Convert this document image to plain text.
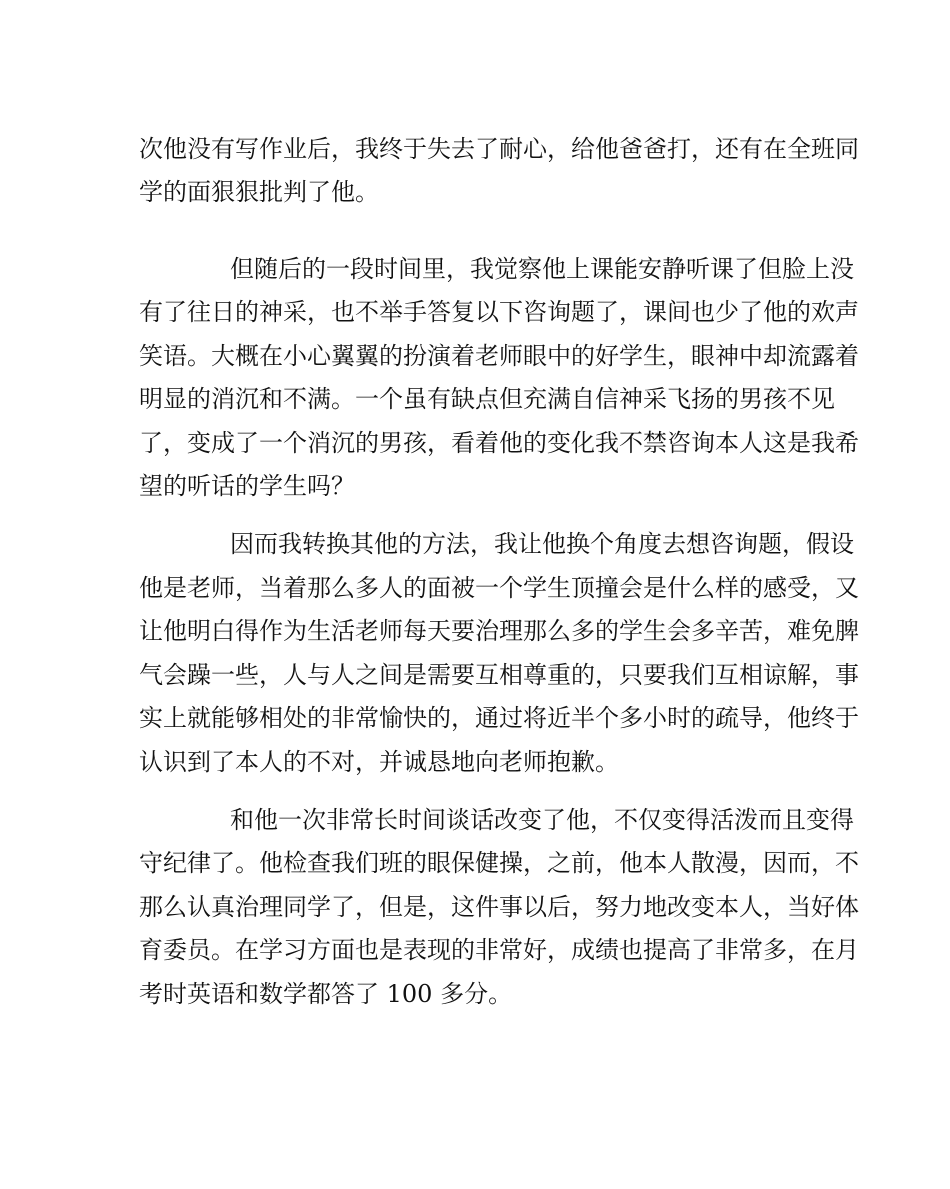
次他没有写作业后，我终于失去了耐心，给他爸爸打，还有在全班同
学的面狠狠批判了他。
但随后的一段时间里，我觉察他上课能安静听课了但脸上没
有了往日的神采，也不举手答复以下咨询题了，课间也少了他的欢声
笑语。大概在小心翼翼的扮演着老师眼中的好学生，眼神中却流露着
明显的消沉和不满。一个虽有缺点但充满自信神采飞扬的男孩不见
了，变成了一个消沉的男孩，看着他的变化我不禁咨询本人这是我希
望的听话的学生吗？
因而我转换其他的方法，我让他换个角度去想咨询题，假设
他是老师，当着那么多人的面被一个学生顶撞会是什么样的感受，又
让他明白得作为生活老师每天要治理那么多的学生会多辛苦，难免脾
气会躁一些，人与人之间是需要互相尊重的，只要我们互相谅解，事
实上就能够相处的非常愉快的，通过将近半个多小时的疏导，他终于
认识到了本人的不对，并诚恳地向老师抱歉。
和他一次非常长时间谈话改变了他，不仅变得活泼而且变得
守纪律了。他检查我们班的眼保健操，之前，他本人散漫，因而，不
那么认真治理同学了，但是，这件事以后，努力地改变本人，当好体
育委员。在学习方面也是表现的非常好，成绩也提高了非常多，在月
考时英语和数学都答了 100 多分。
